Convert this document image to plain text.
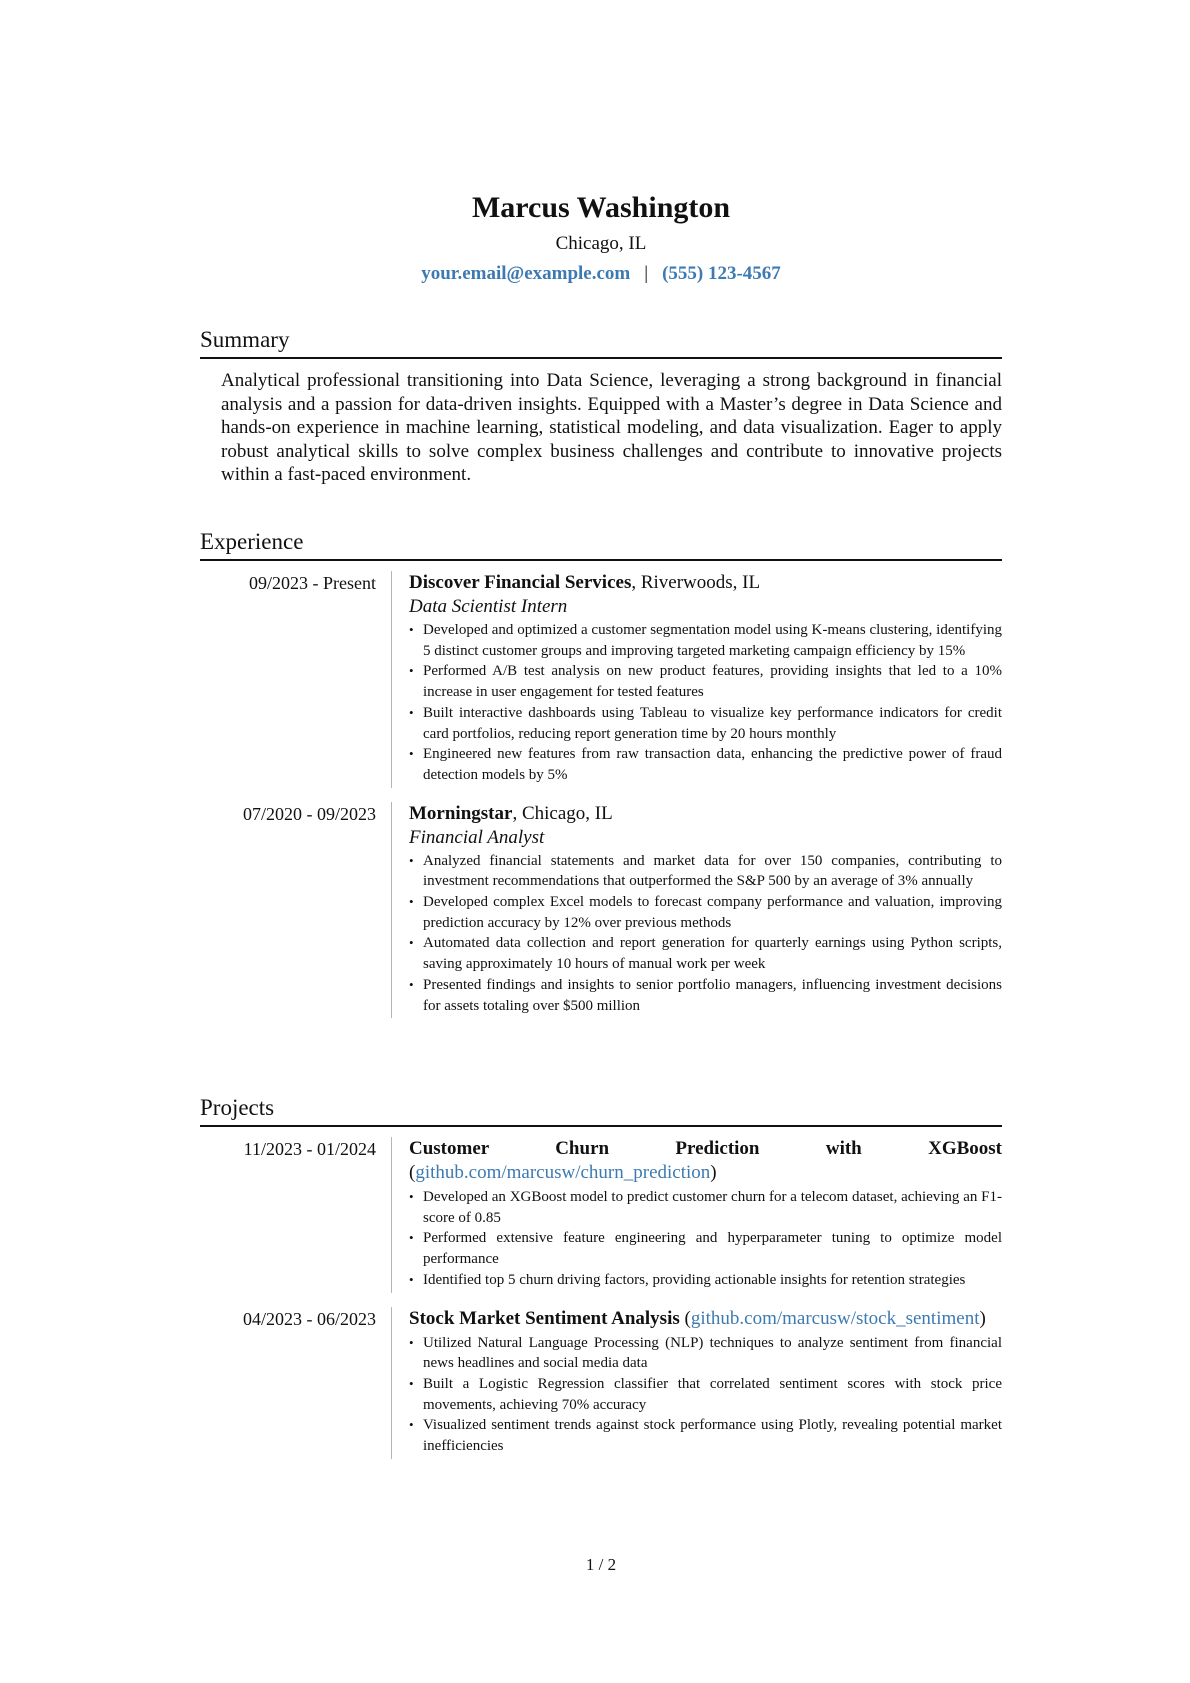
Marcus Washington
Chicago, IL
your.email@example.com | (555) 123-4567
Summary
Analytical professional transitioning into Data Science, leveraging a strong background in financial analysis and a passion for data-driven insights. Equipped with a Master’s degree in Data Science and hands-on experience in machine learning, statistical modeling, and data visualization. Eager to apply robust analytical skills to solve complex business challenges and contribute to innovative projects within a fast-paced environment.
Experience
09/2023 - Present Discover Financial Services, Riverwoods, IL
Data Scientist Intern
• Developed and optimized a customer segmentation model using K-means clustering, identifying 5 distinct customer groups and improving targeted marketing campaign efficiency by 15%
• Performed A/B test analysis on new product features, providing insights that led to a 10% increase in user engagement for tested features
• Built interactive dashboards using Tableau to visualize key performance indicators for credit card portfolios, reducing report generation time by 20 hours monthly
• Engineered new features from raw transaction data, enhancing the predictive power of fraud detection models by 5%
07/2020 - 09/2023 Morningstar, Chicago, IL
Financial Analyst
• Analyzed financial statements and market data for over 150 companies, contributing to investment recommendations that outperformed the S&P 500 by an average of 3% annually
• Developed complex Excel models to forecast company performance and valuation, improving prediction accuracy by 12% over previous methods
• Automated data collection and report generation for quarterly earnings using Python scripts, saving approximately 10 hours of manual work per week
• Presented findings and insights to senior portfolio managers, influencing investment decisions for assets totaling over $500 million
Projects
11/2023 - 01/2024 Customer Churn Prediction with XGBoost (github.com/marcusw/churn_prediction)
• Developed an XGBoost model to predict customer churn for a telecom dataset, achieving an F1-score of 0.85
• Performed extensive feature engineering and hyperparameter tuning to optimize model performance
• Identified top 5 churn driving factors, providing actionable insights for retention strategies
04/2023 - 06/2023 Stock Market Sentiment Analysis (github.com/marcusw/stock_sentiment)
• Utilized Natural Language Processing (NLP) techniques to analyze sentiment from financial news headlines and social media data
• Built a Logistic Regression classifier that correlated sentiment scores with stock price movements, achieving 70% accuracy
• Visualized sentiment trends against stock performance using Plotly, revealing potential market inefficiencies
1 / 2
